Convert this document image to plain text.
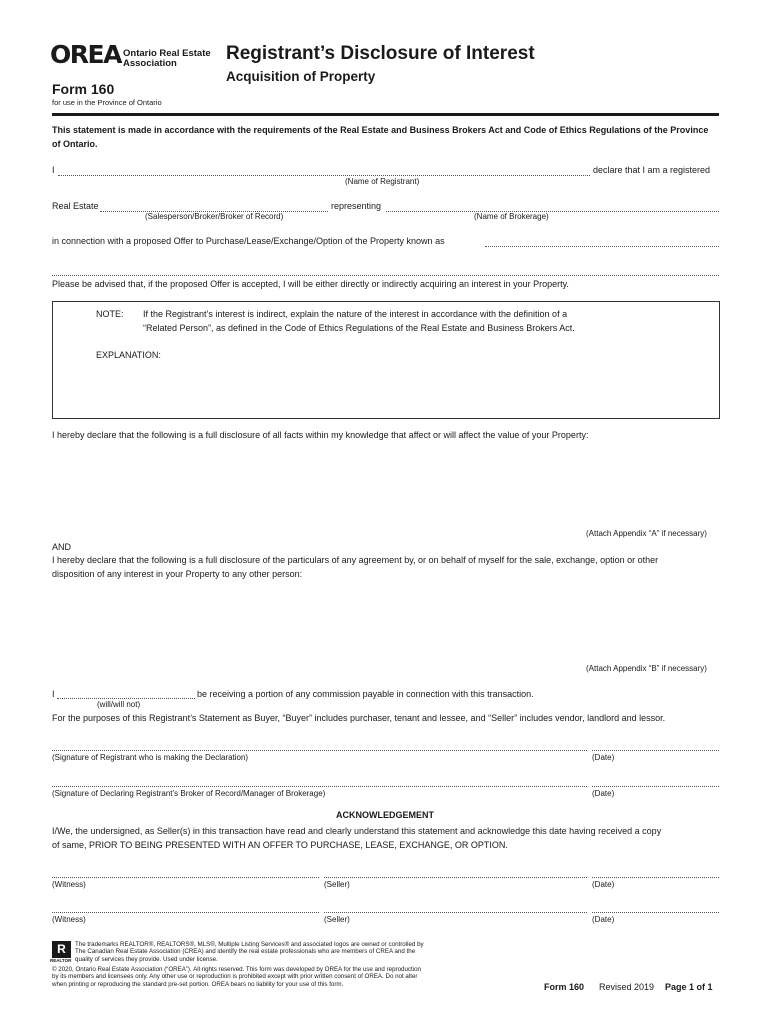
OREA Ontario Real Estate
Association
Form 160
for use in the Province of Ontario
Registrant’s Disclosure of Interest
Acquisition of Property
This statement is made in accordance with the requirements of the Real Estate and Business Brokers Act and Code of Ethics Regulations of the Province of Ontario.
I	declare that I am a registered
(Name of Registrant)
Real Estate	representing
(Salesperson/Broker/Broker of Record)	(Name of Brokerage)
in connection with a proposed Offer to Purchase/Lease/Exchange/Option of the Property known as
Please be advised that, if the proposed Offer is accepted, I will be either directly or indirectly acquiring an interest in your Property.
NOTE: If the Registrant’s interest is indirect, explain the nature of the interest in accordance with the definition of a
“Related Person”, as defined in the Code of Ethics Regulations of the Real Estate and Business Brokers Act.
EXPLANATION:
I hereby declare that the following is a full disclosure of all facts within my knowledge that affect or will affect the value of your Property:
(Attach Appendix “A” if necessary)
AND
I hereby declare that the following is a full disclosure of the particulars of any agreement by, or on behalf of myself for the sale, exchange, option or other
disposition of any interest in your Property to any other person:
(Attach Appendix “B” if necessary)
I	be receiving a portion of any commission payable in connection with this transaction.
(will/will not)
For the purposes of this Registrant’s Statement as Buyer, “Buyer” includes purchaser, tenant and lessee, and “Seller” includes vendor, landlord and lessor.
(Signature of Registrant who is making the Declaration)	(Date)
(Signature of Declaring Registrant’s Broker of Record/Manager of Brokerage)	(Date)
ACKNOWLEDGEMENT
I/We, the undersigned, as Seller(s) in this transaction have read and clearly understand this statement and acknowledge this date having received a copy
of same, PRIOR TO BEING PRESENTED WITH AN OFFER TO PURCHASE, LEASE, EXCHANGE, OR OPTION.
(Witness)	(Seller)	(Date)
(Witness)	(Seller)	(Date)
R
REALTOR
The trademarks REALTOR®, REALTORS®, MLS®, Multiple Listing Services® and associated logos are owned or controlled by
The Canadian Real Estate Association (CREA) and identify the real estate professionals who are members of CREA and the
quality of services they provide. Used under license.
© 2020, Ontario Real Estate Association (“OREA”). All rights reserved. This form was developed by OREA for the use and reproduction
by its members and licensees only. Any other use or reproduction is prohibited except with prior written consent of OREA. Do not alter
when printing or reproducing the standard pre-set portion. OREA bears no liability for your use of this form.	Form 160 Revised 2019 Page 1 of 1
